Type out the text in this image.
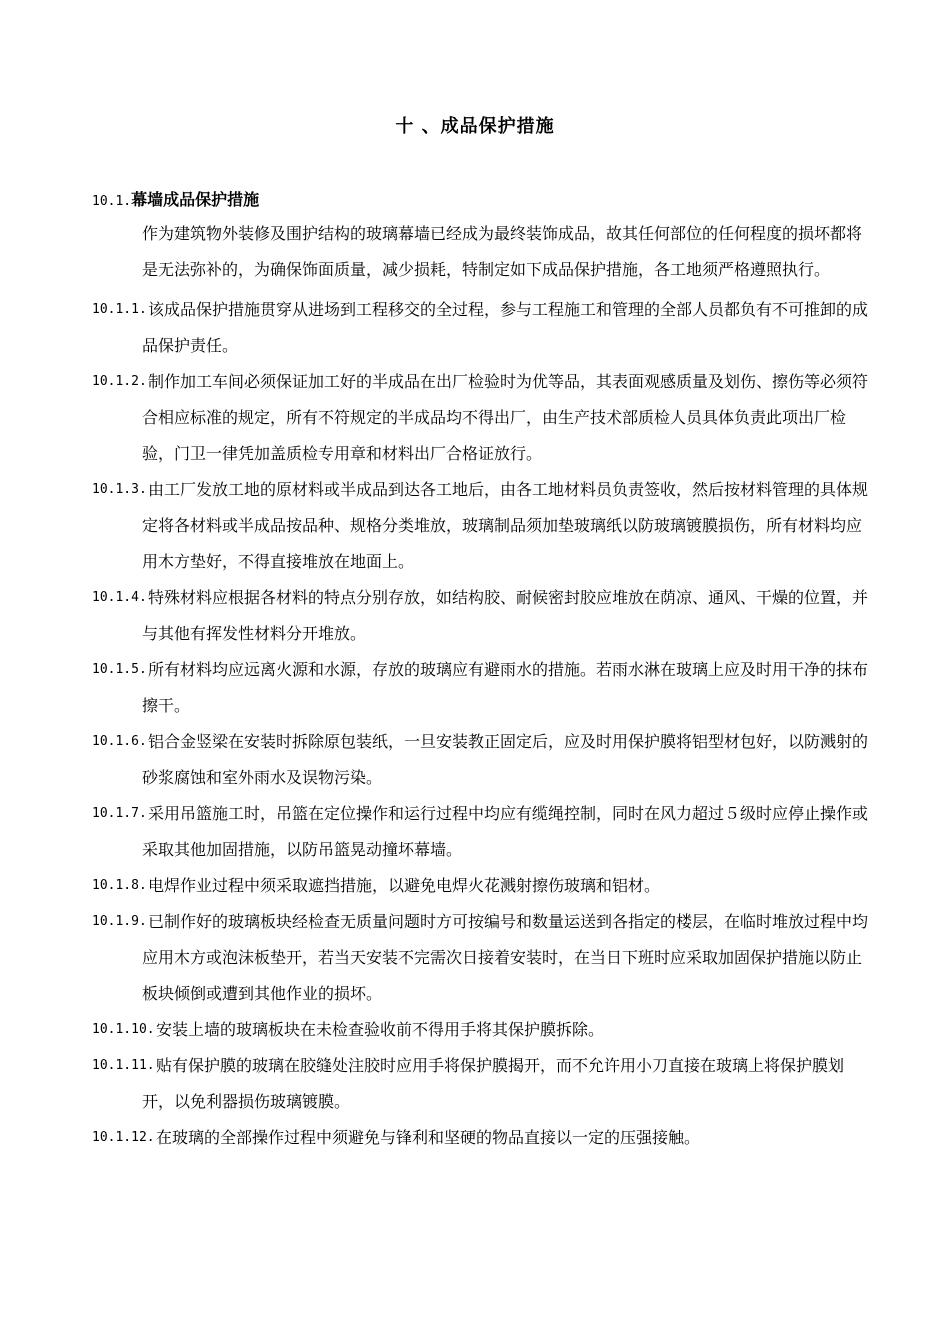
十 、成品保护措施
10.1.幕墙成品保护措施
作为建筑物外装修及围护结构的玻璃幕墙已经成为最终装饰成品，故其任何部位的任何程度的损坏都将是无法弥补的，为确保饰面质量，减少损耗，特制定如下成品保护措施，各工地须严格遵照执行。
10.1.1. 该成品保护措施贯穿从进场到工程移交的全过程，参与工程施工和管理的全部人员都负有不可推卸的成品保护责任。
10.1.2. 制作加工车间必须保证加工好的半成品在出厂检验时为优等品，其表面观感质量及划伤、擦伤等必须符合相应标准的规定，所有不符规定的半成品均不得出厂，由生产技术部质检人员具体负责此项出厂检验，门卫一律凭加盖质检专用章和材料出厂合格证放行。
10.1.3. 由工厂发放工地的原材料或半成品到达各工地后，由各工地材料员负责签收，然后按材料管理的具体规定将各材料或半成品按品种、规格分类堆放，玻璃制品须加垫玻璃纸以防玻璃镀膜损伤，所有材料均应用木方垫好，不得直接堆放在地面上。
10.1.4. 特殊材料应根据各材料的特点分别存放，如结构胶、耐候密封胶应堆放在荫凉、通风、干燥的位置，并与其他有挥发性材料分开堆放。
10.1.5. 所有材料均应远离火源和水源，存放的玻璃应有避雨水的措施。若雨水淋在玻璃上应及时用干净的抹布擦干。
10.1.6. 铝合金竖梁在安装时拆除原包装纸，一旦安装教正固定后，应及时用保护膜将铝型材包好，以防溅射的砂浆腐蚀和室外雨水及误物污染。
10.1.7. 采用吊篮施工时，吊篮在定位操作和运行过程中均应有缆绳控制，同时在风力超过５级时应停止操作或采取其他加固措施，以防吊篮晃动撞坏幕墙。
10.1.8. 电焊作业过程中须采取遮挡措施，以避免电焊火花溅射擦伤玻璃和铝材。
10.1.9. 已制作好的玻璃板块经检查无质量问题时方可按编号和数量运送到各指定的楼层，在临时堆放过程中均应用木方或泡沫板垫开，若当天安装不完需次日接着安装时，在当日下班时应采取加固保护措施以防止板块倾倒或遭到其他作业的损坏。
10.1.10. 安装上墙的玻璃板块在未检查验收前不得用手将其保护膜拆除。
10.1.11. 贴有保护膜的玻璃在胶缝处注胶时应用手将保护膜揭开，而不允许用小刀直接在玻璃上将保护膜划开，以免利器损伤玻璃镀膜。
10.1.12. 在玻璃的全部操作过程中须避免与锋利和坚硬的物品直接以一定的压强接触。
